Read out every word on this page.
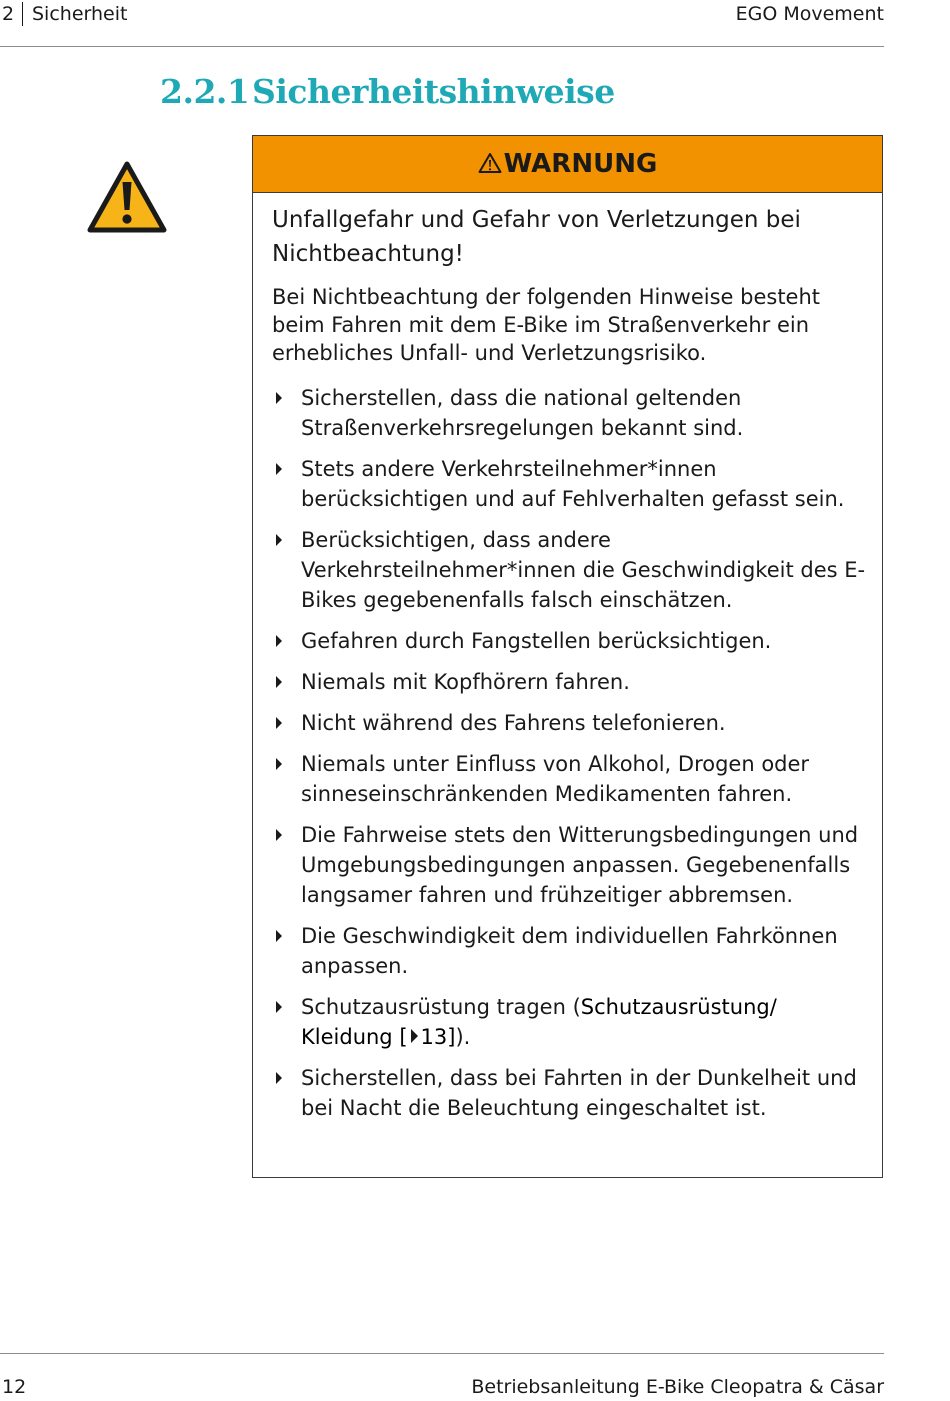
2 Sicherheit	EGO Movement
2.2.1Sicherheitshinweise
WARNUNG
Unfallgefahr und Gefahr von Verletzungen bei Nichtbeachtung!

Bei Nichtbeachtung der folgenden Hinweise besteht beim Fahren mit dem E-Bike im Straßenverkehr ein erhebliches Unfall- und Verletzungsrisiko.

Sicherstellen, dass die national geltenden Straßenverkehrsregelungen bekannt sind.
Stets andere Verkehrsteilnehmer*innen berücksichtigen und auf Fehlverhalten gefasst sein.
Berücksichtigen, dass andere Verkehrsteilnehmer*innen die Geschwindigkeit des E-Bikes gegebenenfalls falsch einschätzen.
Gefahren durch Fangstellen berücksichtigen.
Niemals mit Kopfhörern fahren.
Nicht während des Fahrens telefonieren.
Niemals unter Einfluss von Alkohol, Drogen oder sinneseinschränkenden Medikamenten fahren.
Die Fahrweise stets den Witterungsbedingungen und Umgebungsbedingungen anpassen. Gegebenenfalls langsamer fahren und frühzeitiger abbremsen.
Die Geschwindigkeit dem individuellen Fahrkönnen anpassen.
Schutzausrüstung tragen (Schutzausrüstung/ Kleidung [ 13]).
Sicherstellen, dass bei Fahrten in der Dunkelheit und bei Nacht die Beleuchtung eingeschaltet ist.
12	Betriebsanleitung E-Bike Cleopatra & Cäsar
